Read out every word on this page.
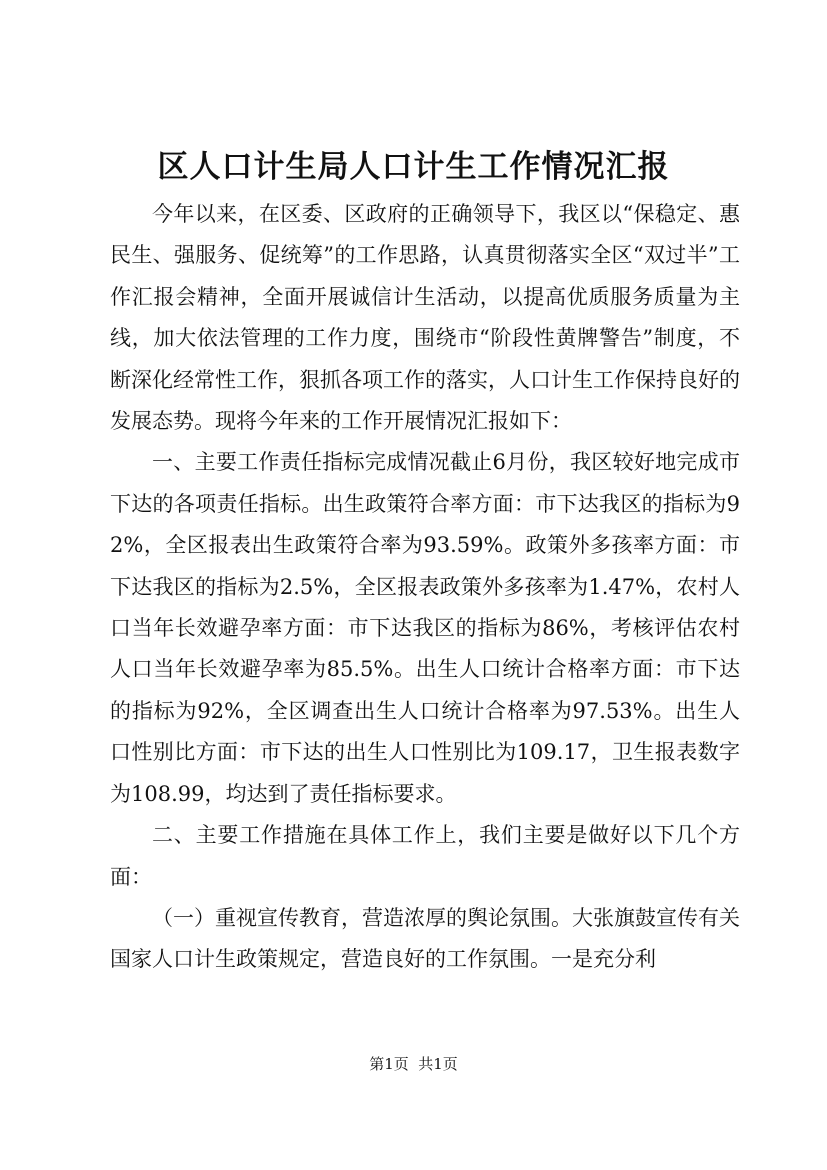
区人口计生局人口计生工作情况汇报

今年以来，在区委、区政府的正确领导下，我区以“保稳定、惠民生、强服务、促统筹”的工作思路，认真贯彻落实全区“双过半”工作汇报会精神，全面开展诚信计生活动，以提高优质服务质量为主线，加大依法管理的工作力度，围绕市“阶段性黄牌警告”制度，不断深化经常性工作，狠抓各项工作的落实，人口计生工作保持良好的发展态势。现将今年来的工作开展情况汇报如下：

一、主要工作责任指标完成情况截止6月份，我区较好地完成市下达的各项责任指标。出生政策符合率方面：市下达我区的指标为92%，全区报表出生政策符合率为93.59%。政策外多孩率方面：市下达我区的指标为2.5%，全区报表政策外多孩率为1.47%，农村人口当年长效避孕率方面：市下达我区的指标为86%，考核评估农村人口当年长效避孕率为85.5%。出生人口统计合格率方面：市下达的指标为92%，全区调查出生人口统计合格率为97.53%。出生人口性别比方面：市下达的出生人口性别比为109.17，卫生报表数字为108.99，均达到了责任指标要求。

二、主要工作措施在具体工作上，我们主要是做好以下几个方面：

（一）重视宣传教育，营造浓厚的舆论氛围。大张旗鼓宣传有关国家人口计生政策规定，营造良好的工作氛围。一是充分利

第1页  共1页
